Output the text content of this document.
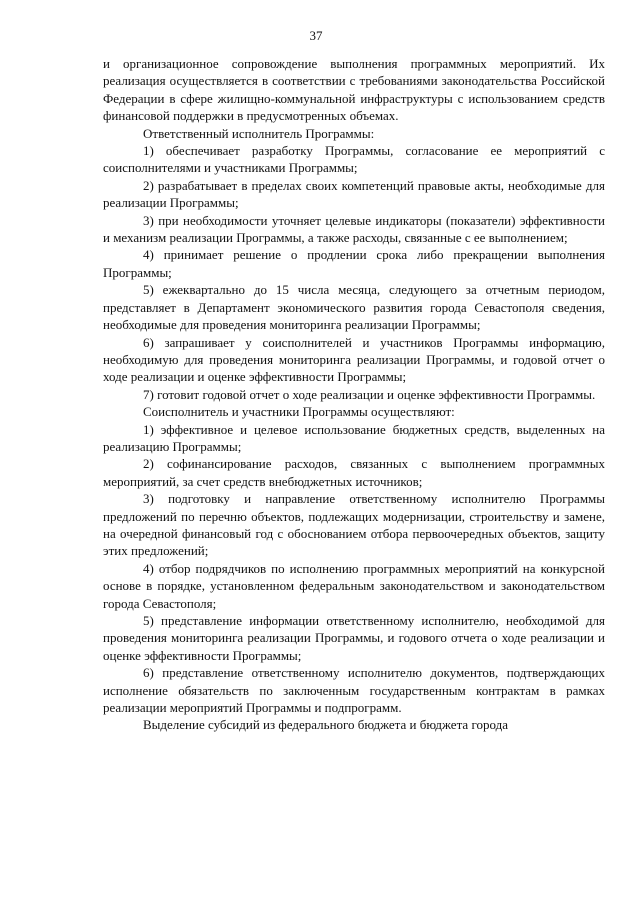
37

и организационное сопровождение выполнения программных мероприятий. Их реализация осуществляется в соответствии с требованиями законодательства Российской Федерации в сфере жилищно-коммунальной инфраструктуры с использованием средств финансовой поддержки в предусмотренных объемах.

Ответственный исполнитель Программы:

1) обеспечивает разработку Программы, согласование ее мероприятий с соисполнителями и участниками Программы;

2) разрабатывает в пределах своих компетенций правовые акты, необходимые для реализации Программы;

3) при необходимости уточняет целевые индикаторы (показатели) эффективности и механизм реализации Программы, а также расходы, связанные с ее выполнением;

4) принимает решение о продлении срока либо прекращении выполнения Программы;

5) ежеквартально до 15 числа месяца, следующего за отчетным периодом, представляет в Департамент экономического развития города Севастополя сведения, необходимые для проведения мониторинга реализации Программы;

6) запрашивает у соисполнителей и участников Программы информацию, необходимую для проведения мониторинга реализации Программы, и годовой отчет о ходе реализации и оценке эффективности Программы;

7) готовит годовой отчет о ходе реализации и оценке эффективности Программы.

Соисполнитель и участники Программы осуществляют:

1) эффективное и целевое использование бюджетных средств, выделенных на реализацию Программы;

2) софинансирование расходов, связанных с выполнением программных мероприятий, за счет средств внебюджетных источников;

3) подготовку и направление ответственному исполнителю Программы предложений по перечню объектов, подлежащих модернизации, строительству и замене, на очередной финансовый год с обоснованием отбора первоочередных объектов, защиту этих предложений;

4) отбор подрядчиков по исполнению программных мероприятий на конкурсной основе в порядке, установленном федеральным законодательством и законодательством города Севастополя;

5) представление информации ответственному исполнителю, необходимой для проведения мониторинга реализации Программы, и годового отчета о ходе реализации и оценке эффективности Программы;

6) представление ответственному исполнителю документов, подтверждающих исполнение обязательств по заключенным государственным контрактам в рамках реализации мероприятий Программы и подпрограмм.

Выделение субсидий из федерального бюджета и бюджета города
